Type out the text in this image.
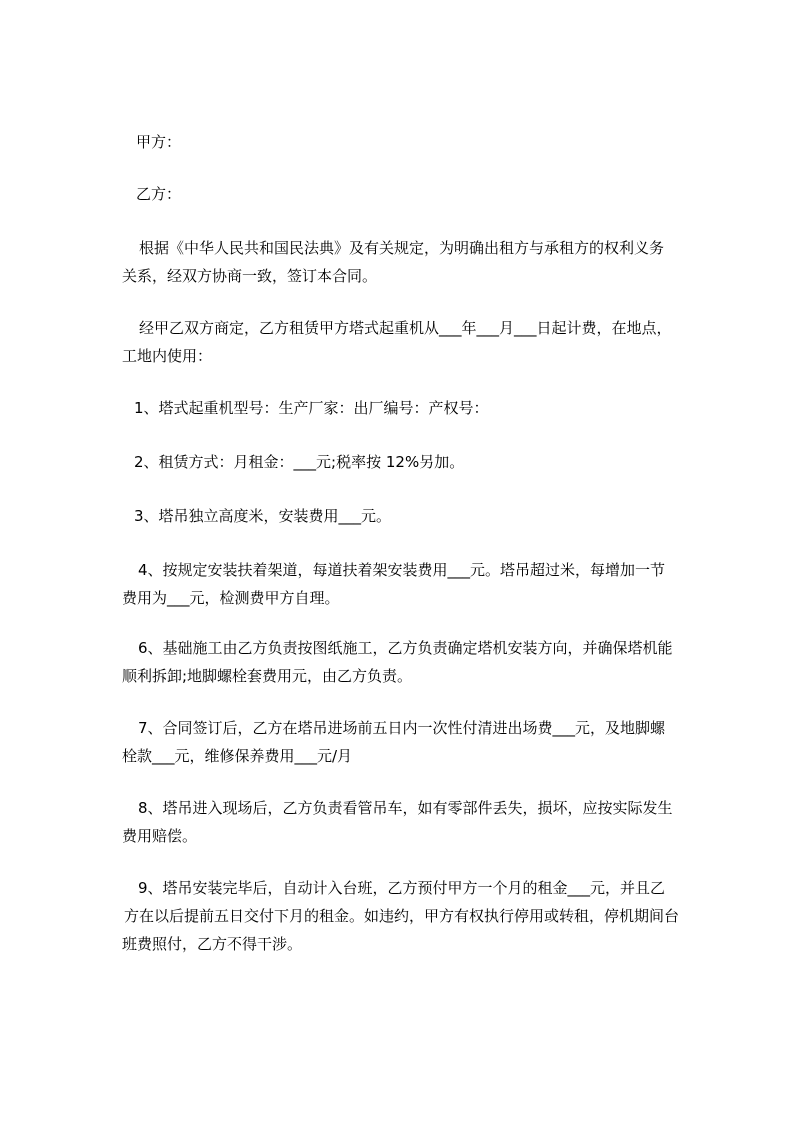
甲方：
乙方：
根据《中华人民共和国民法典》及有关规定，为明确出租方与承租方的权利义务
关系，经双方协商一致，签订本合同。
经甲乙双方商定，乙方租赁甲方塔式起重机从___年___月___日起计费，在地点，
工地内使用：
1、塔式起重机型号：生产厂家：出厂编号：产权号：
2、租赁方式：月租金：___元;税率按 12%另加。
3、塔吊独立高度米，安装费用___元。
4、按规定安装扶着架道，每道扶着架安装费用___元。塔吊超过米，每增加一节
费用为___元，检测费甲方自理。
6、基础施工由乙方负责按图纸施工，乙方负责确定塔机安装方向，并确保塔机能
顺利拆卸;地脚螺栓套费用元，由乙方负责。
7、合同签订后，乙方在塔吊进场前五日内一次性付清进出场费___元，及地脚螺
栓款___元，维修保养费用___元/月
8、塔吊进入现场后，乙方负责看管吊车，如有零部件丢失，损坏，应按实际发生
费用赔偿。
9、塔吊安装完毕后，自动计入台班，乙方预付甲方一个月的租金___元，并且乙
方在以后提前五日交付下月的租金。如违约，甲方有权执行停用或转租，停机期间台
班费照付，乙方不得干涉。
